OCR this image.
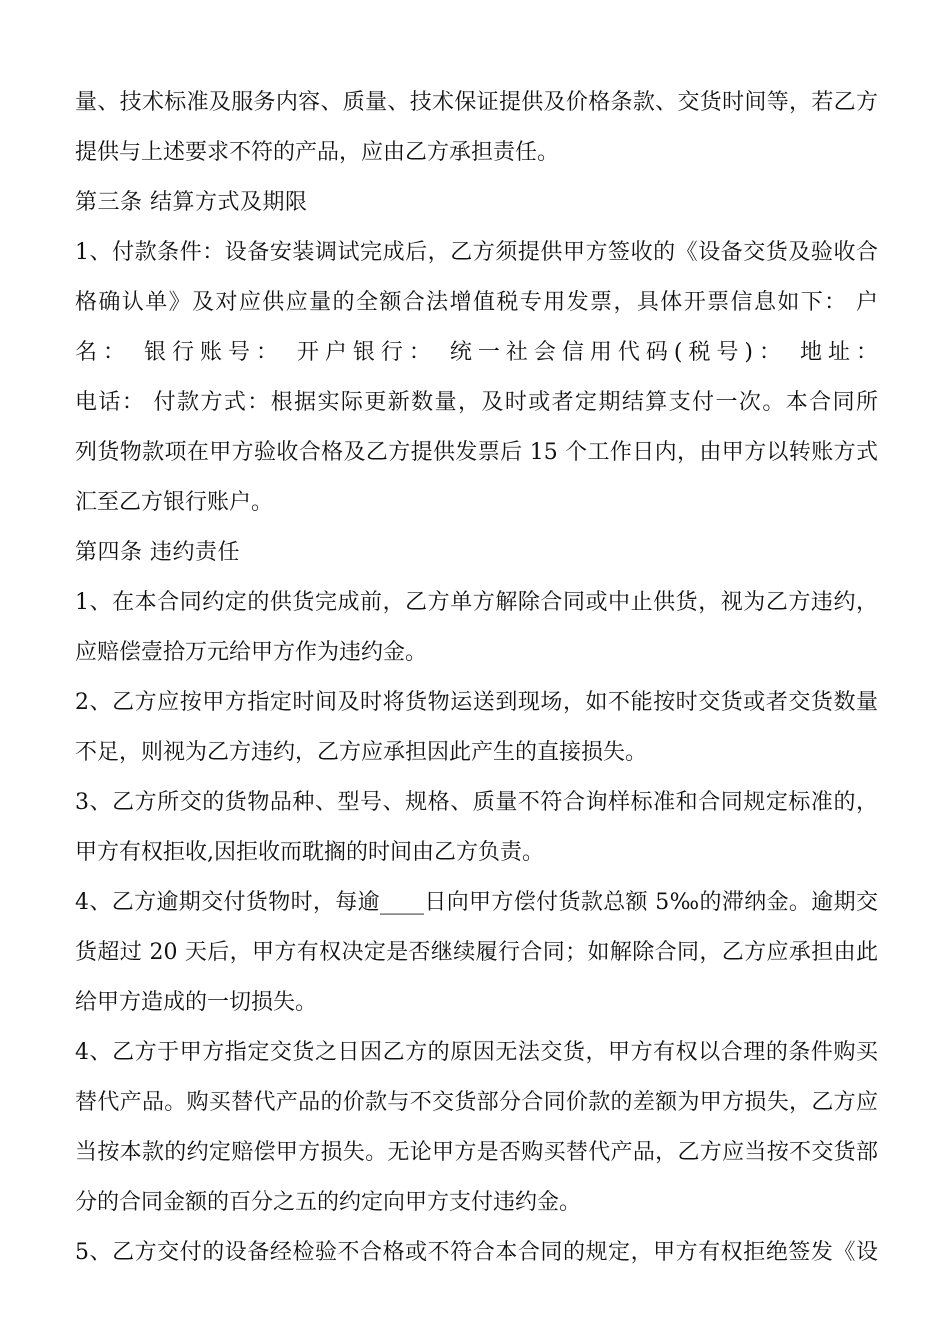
量、技术标准及服务内容、质量、技术保证提供及价格条款、交货时间等，若乙方
提供与上述要求不符的产品，应由乙方承担责任。
第三条 结算方式及期限
1、付款条件：设备安装调试完成后，乙方须提供甲方签收的《设备交货及验收合
格确认单》及对应供应量的全额合法增值税专用发票，具体开票信息如下： 户
名： 银行账号： 开户银行： 统一社会信用代码(税号)： 地址：
电话： 付款方式：根据实际更新数量，及时或者定期结算支付一次。本合同所
列货物款项在甲方验收合格及乙方提供发票后 15 个工作日内，由甲方以转账方式
汇至乙方银行账户。
第四条 违约责任
1、在本合同约定的供货完成前，乙方单方解除合同或中止供货，视为乙方违约，
应赔偿壹拾万元给甲方作为违约金。
2、乙方应按甲方指定时间及时将货物运送到现场，如不能按时交货或者交货数量
不足，则视为乙方违约，乙方应承担因此产生的直接损失。
3、乙方所交的货物品种、型号、规格、质量不符合询样标准和合同规定标准的，
甲方有权拒收,因拒收而耽搁的时间由乙方负责。
4、乙方逾期交付货物时，每逾____日向甲方偿付货款总额 5‰的滞纳金。逾期交
货超过 20 天后，甲方有权决定是否继续履行合同；如解除合同，乙方应承担由此
给甲方造成的一切损失。
4、乙方于甲方指定交货之日因乙方的原因无法交货，甲方有权以合理的条件购买
替代产品。购买替代产品的价款与不交货部分合同价款的差额为甲方损失，乙方应
当按本款的约定赔偿甲方损失。无论甲方是否购买替代产品，乙方应当按不交货部
分的合同金额的百分之五的约定向甲方支付违约金。
5、乙方交付的设备经检验不合格或不符合本合同的规定，甲方有权拒绝签发《设
